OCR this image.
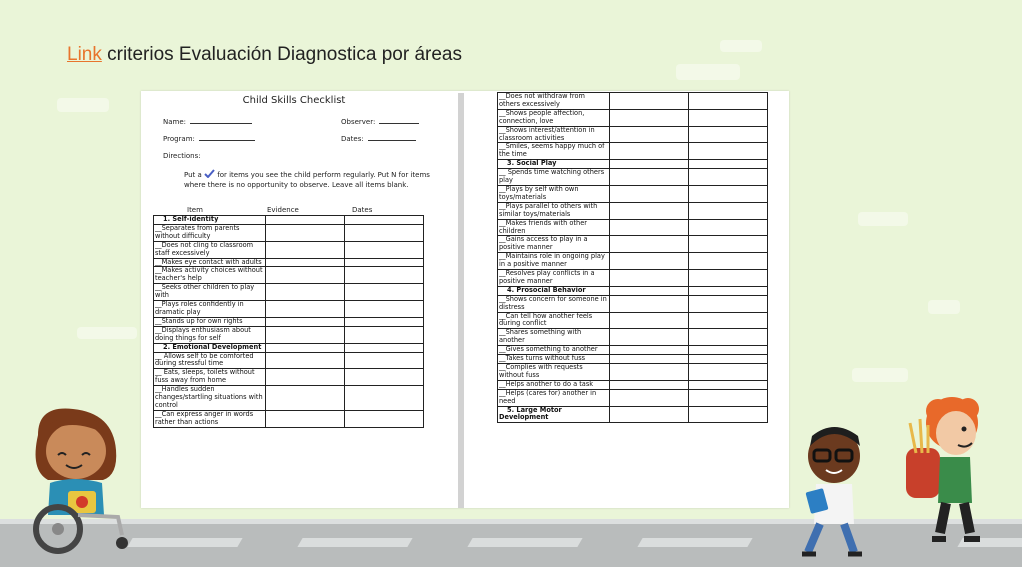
Link criterios Evaluación Diagnostica por áreas
Child Skills Checklist
Name:	Observer:
Program:	Dates:
Directions:
Put a for items you see the child perform regularly. Put N for items
where there is no opportunity to observe. Leave all items blank.
Item	Evidence	Dates
1. Self-identity		
__Separates from parents without difficulty		
__Does not cling to classroom staff excessively		
__Makes eye contact with adults		
__Makes activity choices without teacher's help		
__Seeks other children to play with		
__Plays roles confidently in dramatic play		
__Stands up for own rights		
__Displays enthusiasm about doing things for self		
2. Emotional Development		
__ Allows self to be comforted during stressful time		
__ Eats, sleeps, toilets without fuss away from home		
__Handles sudden changes/startling situations with control		
__Can express anger in words rather than actions		
__Does not withdraw from others excessively		
__Shows people affection, connection, love		
__Shows interest/attention in classroom activities		
__Smiles, seems happy much of the time		
3. Social Play		
__ Spends time watching others play		
__Plays by self with own toys/materials		
__Plays parallel to others with similar toys/materials		
__Makes friends with other children		
__Gains access to play in a positive manner		
__Maintains role in ongoing play in a positive manner		
__Resolves play conflicts in a positive manner		
4. Prosocial Behavior		
__Shows concern for someone in distress		
__Can tell how another feels during conflict		
__Shares something with another		
__Gives something to another		
__Takes turns without fuss		
__Complies with requests without fuss		
__Helps another to do a task		
__Helps (cares for) another in need		
5. Large Motor Development		
